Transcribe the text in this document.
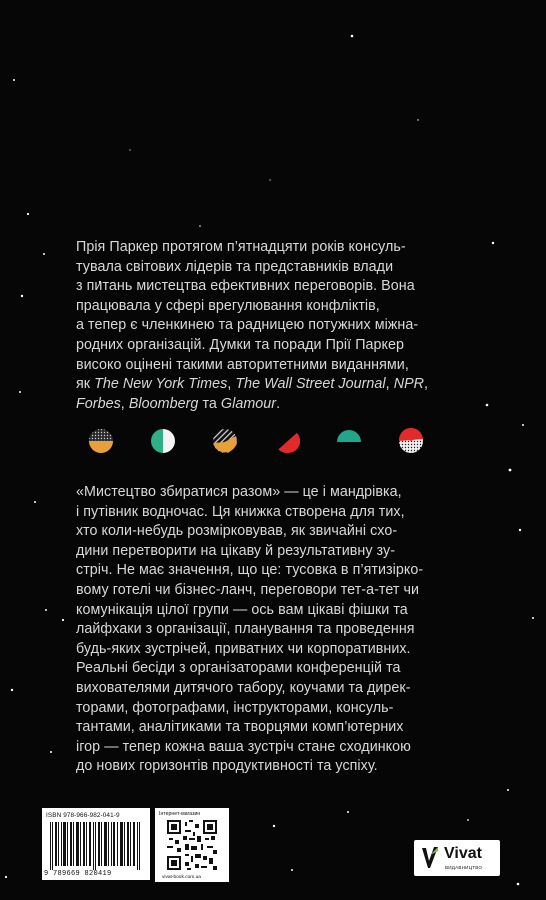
Прія Паркер протягом п’ятнадцяти років консуль-
тувала світових лідерів та представників влади
з питань мистецтва ефективних переговорів. Вона
працювала у сфері врегулювання конфліктів,
а тепер є членкинею та радницею потужних міжна-
родних організацій. Думки та поради Прії Паркер
високо оцінені такими авторитетними виданнями,
як The New York Times, The Wall Street Journal, NPR,
Forbes, Bloomberg та Glamour.
«Мистецтво збиратися разом» — це і мандрівка,
і путівник водночас. Ця книжка створена для тих,
хто коли-небудь розмірковував, як звичайні схо-
дини перетворити на цікаву й результативну зу-
стріч. Не має значення, що це: тусовка в п’ятизірко-
вому готелі чи бізнес-ланч, переговори тет-а-тет чи
комунікація цілої групи — ось вам цікаві фішки та
лайфхаки з організації, планування та проведення
будь-яких зустрічей, приватних чи корпоративних.
Реальні бесіди з організаторами конференцій та
вихователями дитячого табору, коучами та дирек-
торами, фотографами, інструкторами, консуль-
тантами, аналітиками та творцями комп’ютерних
ігор — тепер кожна ваша зустріч стане сходинкою
до нових горизонтів продуктивності та успіху.
ISBN 978-966-982-041-9
9 789669 820419
Інтернет-магазин
vivat-book.com.ua
Vivat
ВИДАВНИЦТВО
